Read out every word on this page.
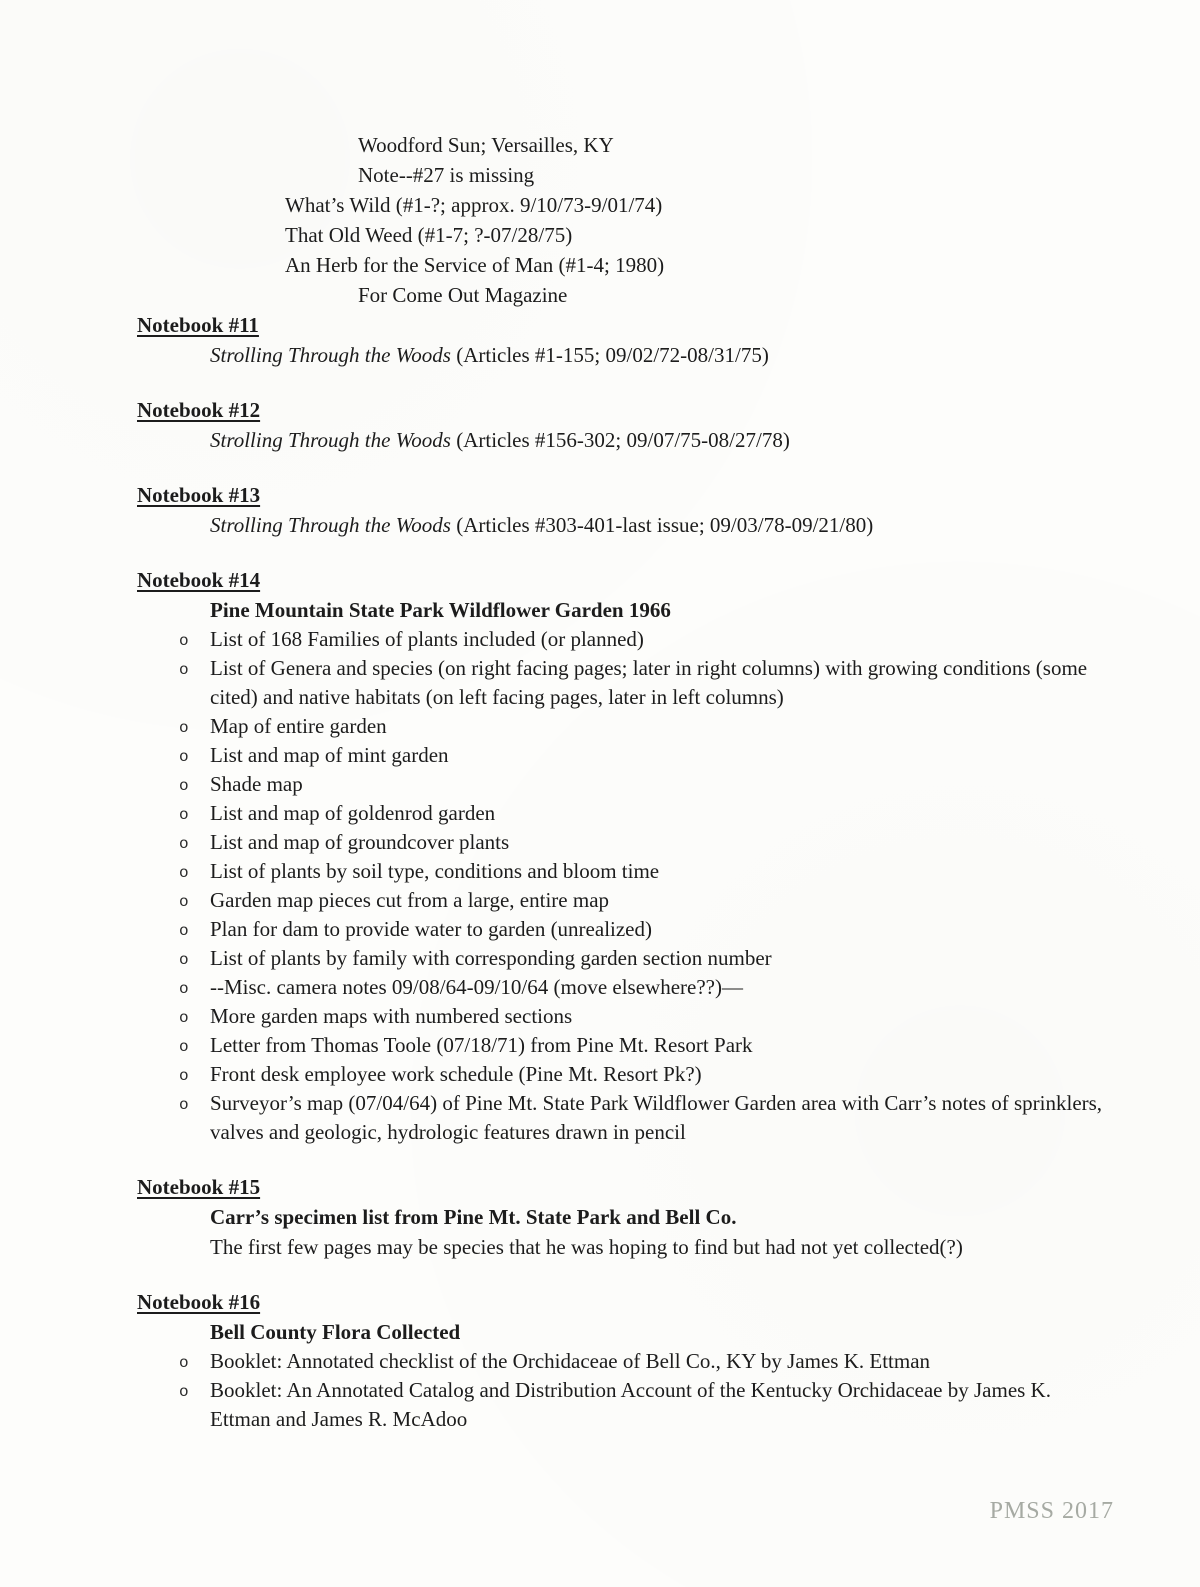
Woodford Sun; Versailles, KY
Note--#27 is missing
What’s Wild (#1-?; approx. 9/10/73-9/01/74)
That Old Weed (#1-7; ?-07/28/75)
An Herb for the Service of Man (#1-4; 1980)
For Come Out Magazine
Notebook #11
Strolling Through the Woods (Articles #1-155; 09/02/72-08/31/75)
Notebook #12
Strolling Through the Woods (Articles #156-302; 09/07/75-08/27/78)
Notebook #13
Strolling Through the Woods (Articles #303-401-last issue; 09/03/78-09/21/80)
Notebook #14
Pine Mountain State Park Wildflower Garden 1966
o List of 168 Families of plants included (or planned)
o List of Genera and species (on right facing pages; later in right columns) with growing conditions (some cited) and native habitats (on left facing pages, later in left columns)
o Map of entire garden
o List and map of mint garden
o Shade map
o List and map of goldenrod garden
o List and map of groundcover plants
o List of plants by soil type, conditions and bloom time
o Garden map pieces cut from a large, entire map
o Plan for dam to provide water to garden (unrealized)
o List of plants by family with corresponding garden section number
o --Misc. camera notes 09/08/64-09/10/64 (move elsewhere??)—
o More garden maps with numbered sections
o Letter from Thomas Toole (07/18/71) from Pine Mt. Resort Park
o Front desk employee work schedule (Pine Mt. Resort Pk?)
o Surveyor’s map (07/04/64) of Pine Mt. State Park Wildflower Garden area with Carr’s notes of sprinklers, valves and geologic, hydrologic features drawn in pencil
Notebook #15
Carr’s specimen list from Pine Mt. State Park and Bell Co.
The first few pages may be species that he was hoping to find but had not yet collected(?)
Notebook #16
Bell County Flora Collected
o Booklet: Annotated checklist of the Orchidaceae of Bell Co., KY by James K. Ettman
o Booklet: An Annotated Catalog and Distribution Account of the Kentucky Orchidaceae by James K. Ettman and James R. McAdoo
PMSS 2017
